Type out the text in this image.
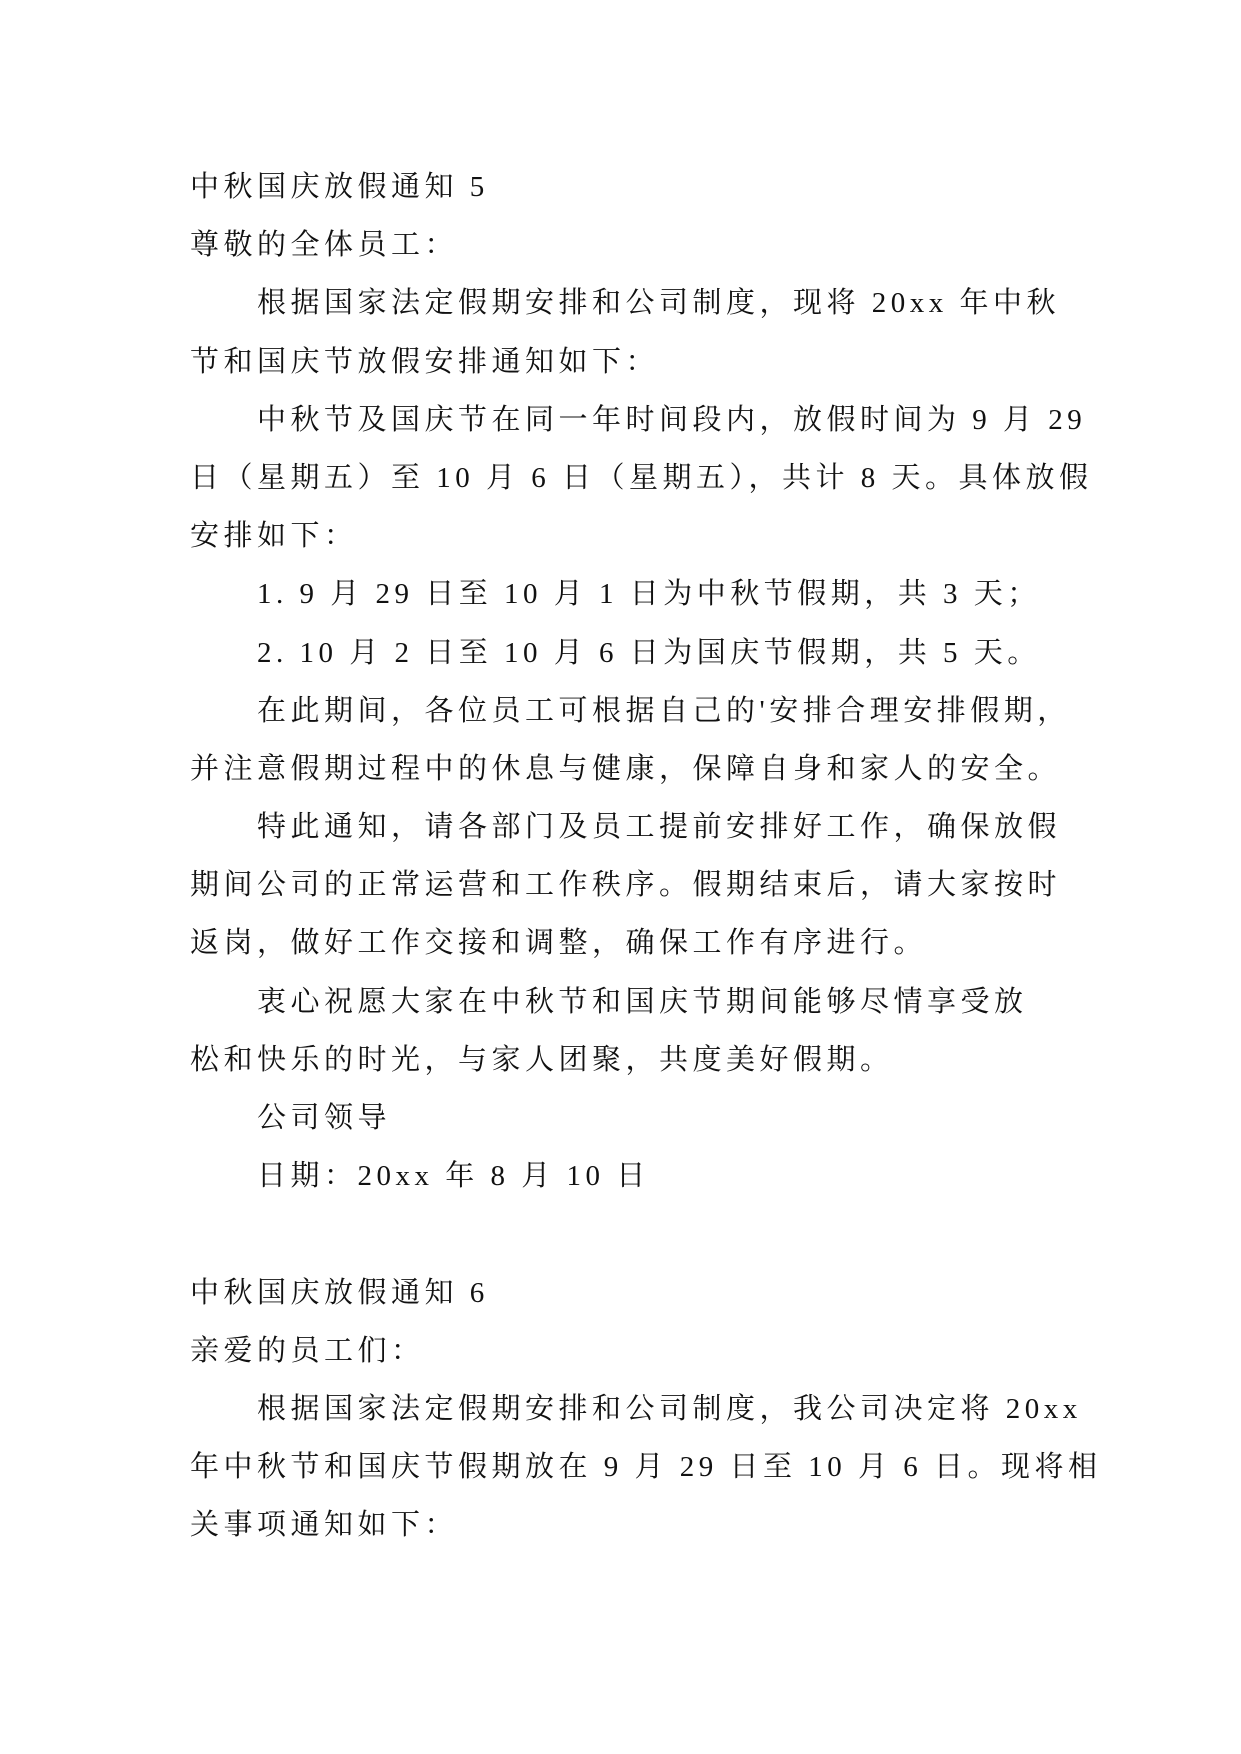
中秋国庆放假通知 5
尊敬的全体员工：
根据国家法定假期安排和公司制度，现将 20xx 年中秋
节和国庆节放假安排通知如下：
中秋节及国庆节在同一年时间段内，放假时间为 9 月 29
日（星期五）至 10 月 6 日（星期五），共计 8 天。具体放假
安排如下：
1. 9 月 29 日至 10 月 1 日为中秋节假期，共 3 天；
2. 10 月 2 日至 10 月 6 日为国庆节假期，共 5 天。
在此期间，各位员工可根据自己的'安排合理安排假期，
并注意假期过程中的休息与健康，保障自身和家人的安全。
特此通知，请各部门及员工提前安排好工作，确保放假
期间公司的正常运营和工作秩序。假期结束后，请大家按时
返岗，做好工作交接和调整，确保工作有序进行。
衷心祝愿大家在中秋节和国庆节期间能够尽情享受放
松和快乐的时光，与家人团聚，共度美好假期。
公司领导
日期：20xx 年 8 月 10 日
中秋国庆放假通知 6
亲爱的员工们：
根据国家法定假期安排和公司制度，我公司决定将 20xx
年中秋节和国庆节假期放在 9 月 29 日至 10 月 6 日。现将相
关事项通知如下：
